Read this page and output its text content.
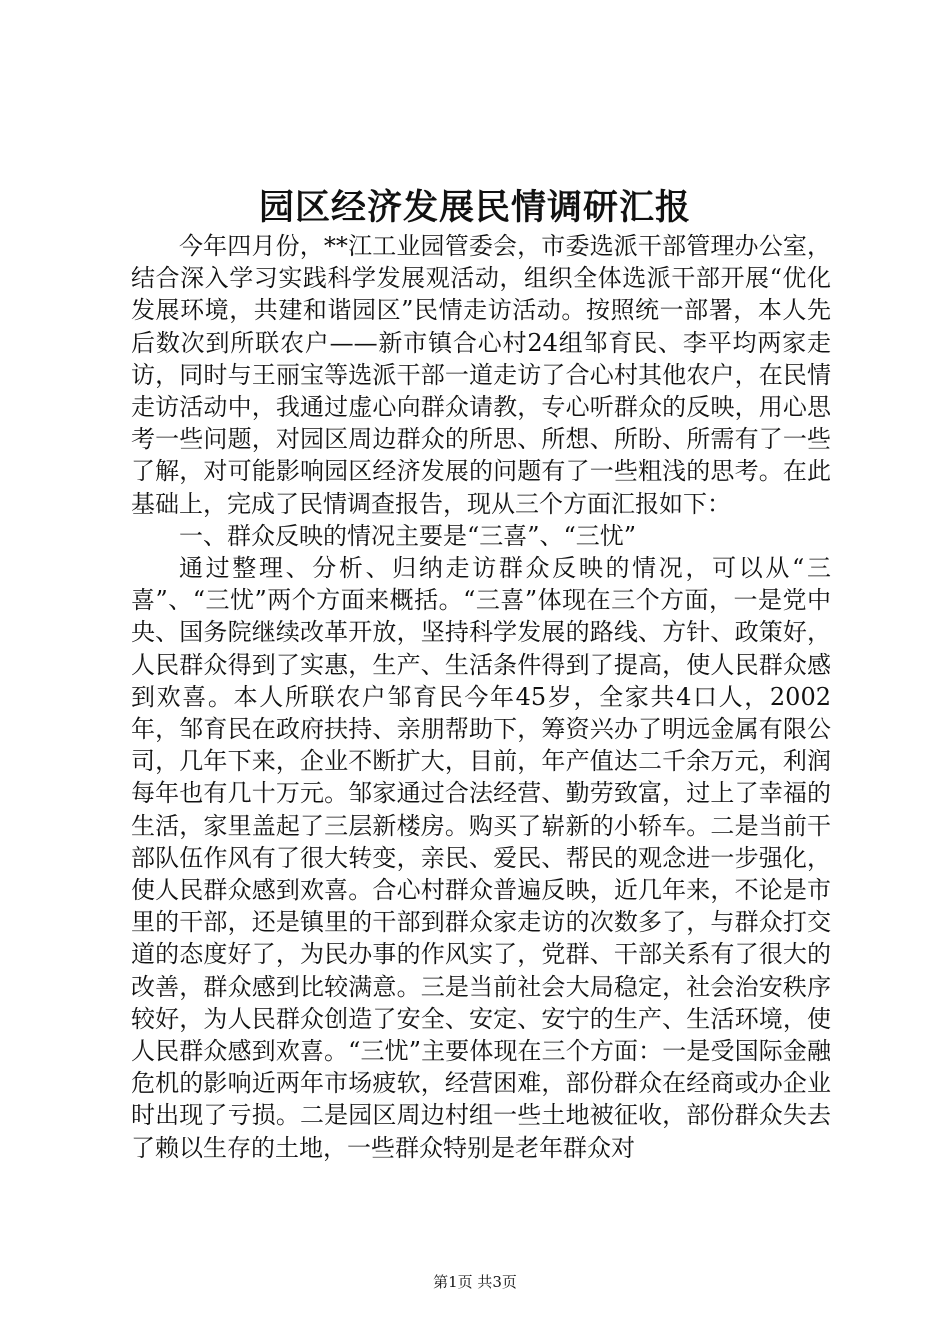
园区经济发展民情调研汇报

今年四月份，**江工业园管委会，市委选派干部管理办公室，结合深入学习实践科学发展观活动，组织全体选派干部开展“优化发展环境，共建和谐园区”民情走访活动。按照统一部署，本人先后数次到所联农户——新市镇合心村24组邹育民、李平均两家走访，同时与王丽宝等选派干部一道走访了合心村其他农户，在民情走访活动中，我通过虚心向群众请教，专心听群众的反映，用心思考一些问题，对园区周边群众的所思、所想、所盼、所需有了一些了解，对可能影响园区经济发展的问题有了一些粗浅的思考。在此基础上，完成了民情调查报告，现从三个方面汇报如下：

一、群众反映的情况主要是“三喜”、“三忧”

通过整理、分析、归纳走访群众反映的情况，可以从“三喜”、“三忧”两个方面来概括。“三喜”体现在三个方面，一是党中央、国务院继续改革开放，坚持科学发展的路线、方针、政策好，人民群众得到了实惠，生产、生活条件得到了提高，使人民群众感到欢喜。本人所联农户邹育民今年45岁，全家共4口人，2002年，邹育民在政府扶持、亲朋帮助下，筹资兴办了明远金属有限公司，几年下来，企业不断扩大，目前，年产值达二千余万元，利润每年也有几十万元。邹家通过合法经营、勤劳致富，过上了幸福的生活，家里盖起了三层新楼房。购买了崭新的小轿车。二是当前干部队伍作风有了很大转变，亲民、爱民、帮民的观念进一步强化，使人民群众感到欢喜。合心村群众普遍反映，近几年来，不论是市里的干部，还是镇里的干部到群众家走访的次数多了，与群众打交道的态度好了，为民办事的作风实了，党群、干部关系有了很大的改善，群众感到比较满意。三是当前社会大局稳定，社会治安秩序较好，为人民群众创造了安全、安定、安宁的生产、生活环境，使人民群众感到欢喜。“三忧”主要体现在三个方面：一是受国际金融危机的影响近两年市场疲软，经营困难，部份群众在经商或办企业时出现了亏损。二是园区周边村组一些土地被征收，部份群众失去了赖以生存的土地，一些群众特别是老年群众对

第1页 共3页
